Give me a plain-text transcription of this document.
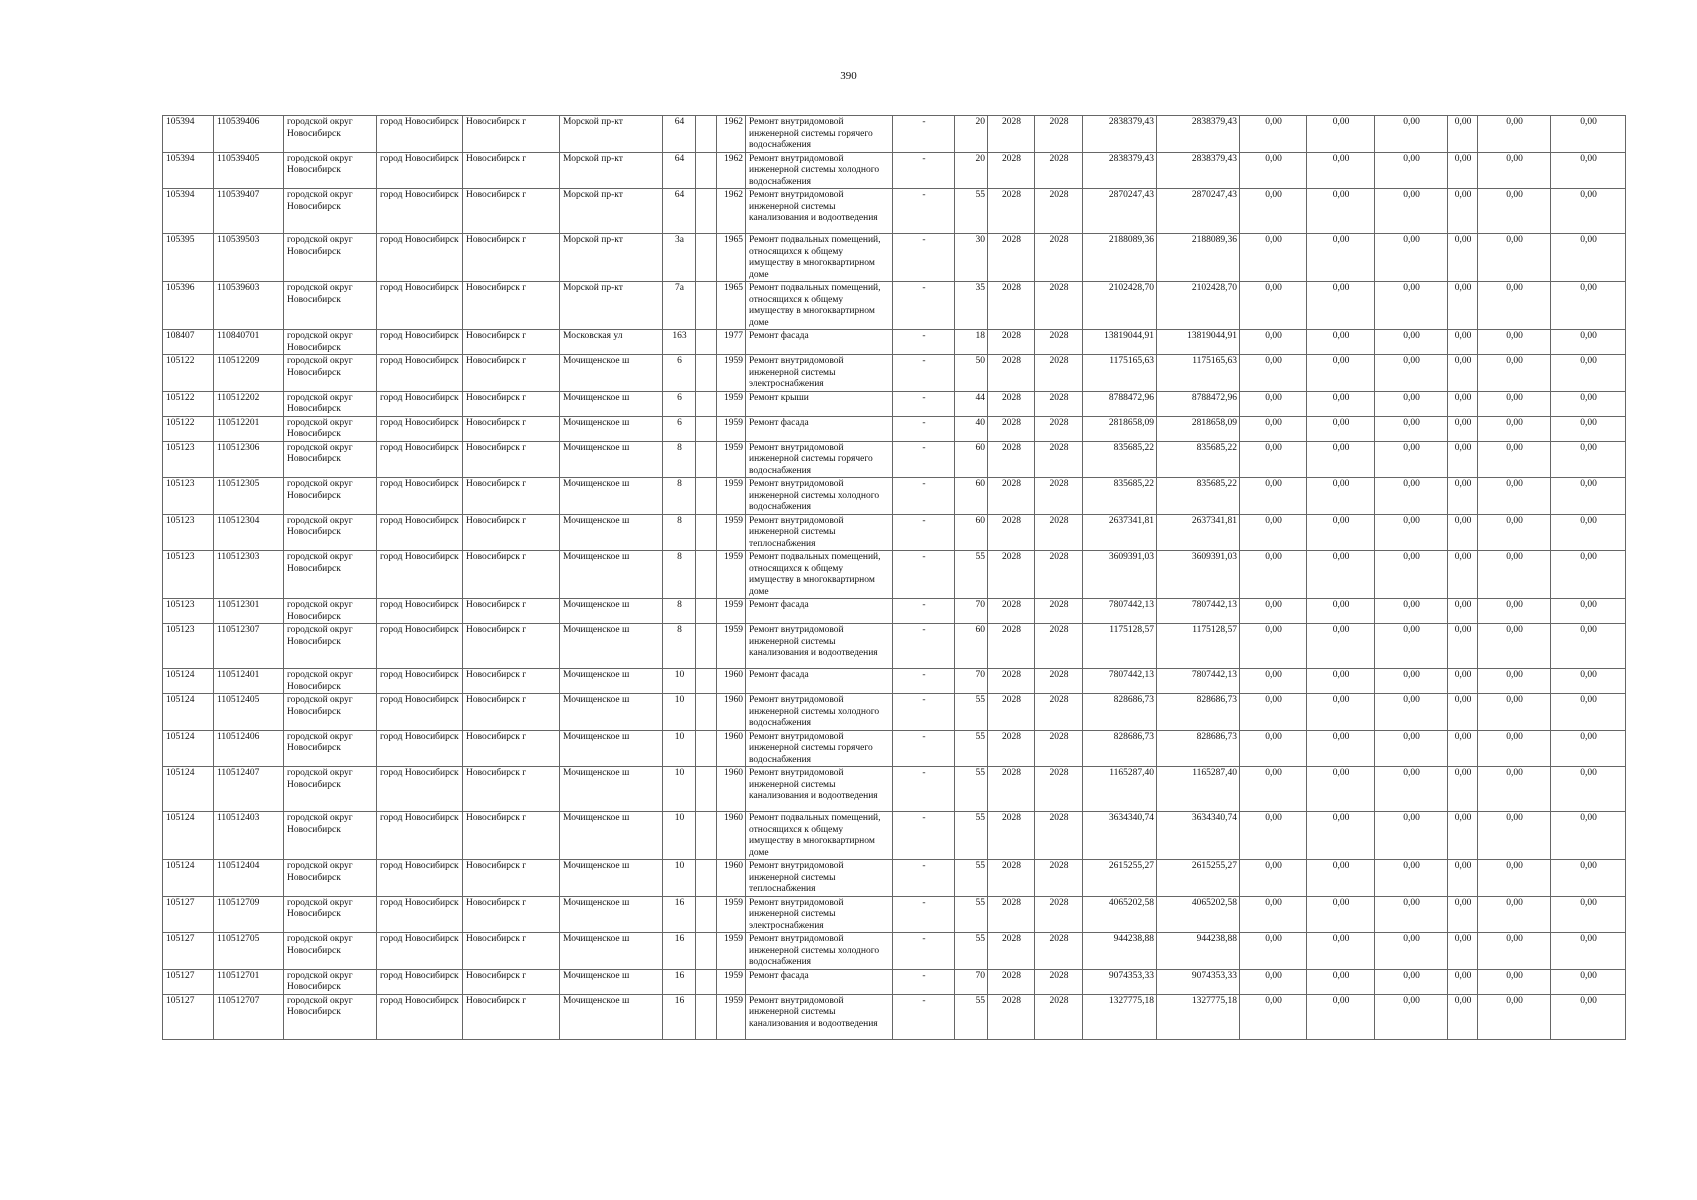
390
105394	110539406	городской округ Новосибирск	город Новосибирск	Новосибирск г	Морской пр-кт	64		1962	Ремонт внутридомовой инженерной системы горячего водоснабжения	-	20	2028	2028	2838379,43	2838379,43	0,00	0,00	0,00	0,00	0,00	0,00
105394	110539405	городской округ Новосибирск	город Новосибирск	Новосибирск г	Морской пр-кт	64		1962	Ремонт внутридомовой инженерной системы холодного водоснабжения	-	20	2028	2028	2838379,43	2838379,43	0,00	0,00	0,00	0,00	0,00	0,00
105394	110539407	городской округ Новосибирск	город Новосибирск	Новосибирск г	Морской пр-кт	64		1962	Ремонт внутридомовой инженерной системы канализования и водоотведения	-	55	2028	2028	2870247,43	2870247,43	0,00	0,00	0,00	0,00	0,00	0,00
105395	110539503	городской округ Новосибирск	город Новосибирск	Новосибирск г	Морской пр-кт	3а		1965	Ремонт подвальных помещений, относящихся к общему имуществу в многоквартирном доме	-	30	2028	2028	2188089,36	2188089,36	0,00	0,00	0,00	0,00	0,00	0,00
105396	110539603	городской округ Новосибирск	город Новосибирск	Новосибирск г	Морской пр-кт	7а		1965	Ремонт подвальных помещений, относящихся к общему имуществу в многоквартирном доме	-	35	2028	2028	2102428,70	2102428,70	0,00	0,00	0,00	0,00	0,00	0,00
108407	110840701	городской округ Новосибирск	город Новосибирск	Новосибирск г	Московская ул	163		1977	Ремонт фасада	-	18	2028	2028	13819044,91	13819044,91	0,00	0,00	0,00	0,00	0,00	0,00
105122	110512209	городской округ Новосибирск	город Новосибирск	Новосибирск г	Мочищенское ш	6		1959	Ремонт внутридомовой инженерной системы электроснабжения	-	50	2028	2028	1175165,63	1175165,63	0,00	0,00	0,00	0,00	0,00	0,00
105122	110512202	городской округ Новосибирск	город Новосибирск	Новосибирск г	Мочищенское ш	6		1959	Ремонт крыши	-	44	2028	2028	8788472,96	8788472,96	0,00	0,00	0,00	0,00	0,00	0,00
105122	110512201	городской округ Новосибирск	город Новосибирск	Новосибирск г	Мочищенское ш	6		1959	Ремонт фасада	-	40	2028	2028	2818658,09	2818658,09	0,00	0,00	0,00	0,00	0,00	0,00
105123	110512306	городской округ Новосибирск	город Новосибирск	Новосибирск г	Мочищенское ш	8		1959	Ремонт внутридомовой инженерной системы горячего водоснабжения	-	60	2028	2028	835685,22	835685,22	0,00	0,00	0,00	0,00	0,00	0,00
105123	110512305	городской округ Новосибирск	город Новосибирск	Новосибирск г	Мочищенское ш	8		1959	Ремонт внутридомовой инженерной системы холодного водоснабжения	-	60	2028	2028	835685,22	835685,22	0,00	0,00	0,00	0,00	0,00	0,00
105123	110512304	городской округ Новосибирск	город Новосибирск	Новосибирск г	Мочищенское ш	8		1959	Ремонт внутридомовой инженерной системы теплоснабжения	-	60	2028	2028	2637341,81	2637341,81	0,00	0,00	0,00	0,00	0,00	0,00
105123	110512303	городской округ Новосибирск	город Новосибирск	Новосибирск г	Мочищенское ш	8		1959	Ремонт подвальных помещений, относящихся к общему имуществу в многоквартирном доме	-	55	2028	2028	3609391,03	3609391,03	0,00	0,00	0,00	0,00	0,00	0,00
105123	110512301	городской округ Новосибирск	город Новосибирск	Новосибирск г	Мочищенское ш	8		1959	Ремонт фасада	-	70	2028	2028	7807442,13	7807442,13	0,00	0,00	0,00	0,00	0,00	0,00
105123	110512307	городской округ Новосибирск	город Новосибирск	Новосибирск г	Мочищенское ш	8		1959	Ремонт внутридомовой инженерной системы канализования и водоотведения	-	60	2028	2028	1175128,57	1175128,57	0,00	0,00	0,00	0,00	0,00	0,00
105124	110512401	городской округ Новосибирск	город Новосибирск	Новосибирск г	Мочищенское ш	10		1960	Ремонт фасада	-	70	2028	2028	7807442,13	7807442,13	0,00	0,00	0,00	0,00	0,00	0,00
105124	110512405	городской округ Новосибирск	город Новосибирск	Новосибирск г	Мочищенское ш	10		1960	Ремонт внутридомовой инженерной системы холодного водоснабжения	-	55	2028	2028	828686,73	828686,73	0,00	0,00	0,00	0,00	0,00	0,00
105124	110512406	городской округ Новосибирск	город Новосибирск	Новосибирск г	Мочищенское ш	10		1960	Ремонт внутридомовой инженерной системы горячего водоснабжения	-	55	2028	2028	828686,73	828686,73	0,00	0,00	0,00	0,00	0,00	0,00
105124	110512407	городской округ Новосибирск	город Новосибирск	Новосибирск г	Мочищенское ш	10		1960	Ремонт внутридомовой инженерной системы канализования и водоотведения	-	55	2028	2028	1165287,40	1165287,40	0,00	0,00	0,00	0,00	0,00	0,00
105124	110512403	городской округ Новосибирск	город Новосибирск	Новосибирск г	Мочищенское ш	10		1960	Ремонт подвальных помещений, относящихся к общему имуществу в многоквартирном доме	-	55	2028	2028	3634340,74	3634340,74	0,00	0,00	0,00	0,00	0,00	0,00
105124	110512404	городской округ Новосибирск	город Новосибирск	Новосибирск г	Мочищенское ш	10		1960	Ремонт внутридомовой инженерной системы теплоснабжения	-	55	2028	2028	2615255,27	2615255,27	0,00	0,00	0,00	0,00	0,00	0,00
105127	110512709	городской округ Новосибирск	город Новосибирск	Новосибирск г	Мочищенское ш	16		1959	Ремонт внутридомовой инженерной системы электроснабжения	-	55	2028	2028	4065202,58	4065202,58	0,00	0,00	0,00	0,00	0,00	0,00
105127	110512705	городской округ Новосибирск	город Новосибирск	Новосибирск г	Мочищенское ш	16		1959	Ремонт внутридомовой инженерной системы холодного водоснабжения	-	55	2028	2028	944238,88	944238,88	0,00	0,00	0,00	0,00	0,00	0,00
105127	110512701	городской округ Новосибирск	город Новосибирск	Новосибирск г	Мочищенское ш	16		1959	Ремонт фасада	-	70	2028	2028	9074353,33	9074353,33	0,00	0,00	0,00	0,00	0,00	0,00
105127	110512707	городской округ Новосибирск	город Новосибирск	Новосибирск г	Мочищенское ш	16		1959	Ремонт внутридомовой инженерной системы канализования и водоотведения	-	55	2028	2028	1327775,18	1327775,18	0,00	0,00	0,00	0,00	0,00	0,00
